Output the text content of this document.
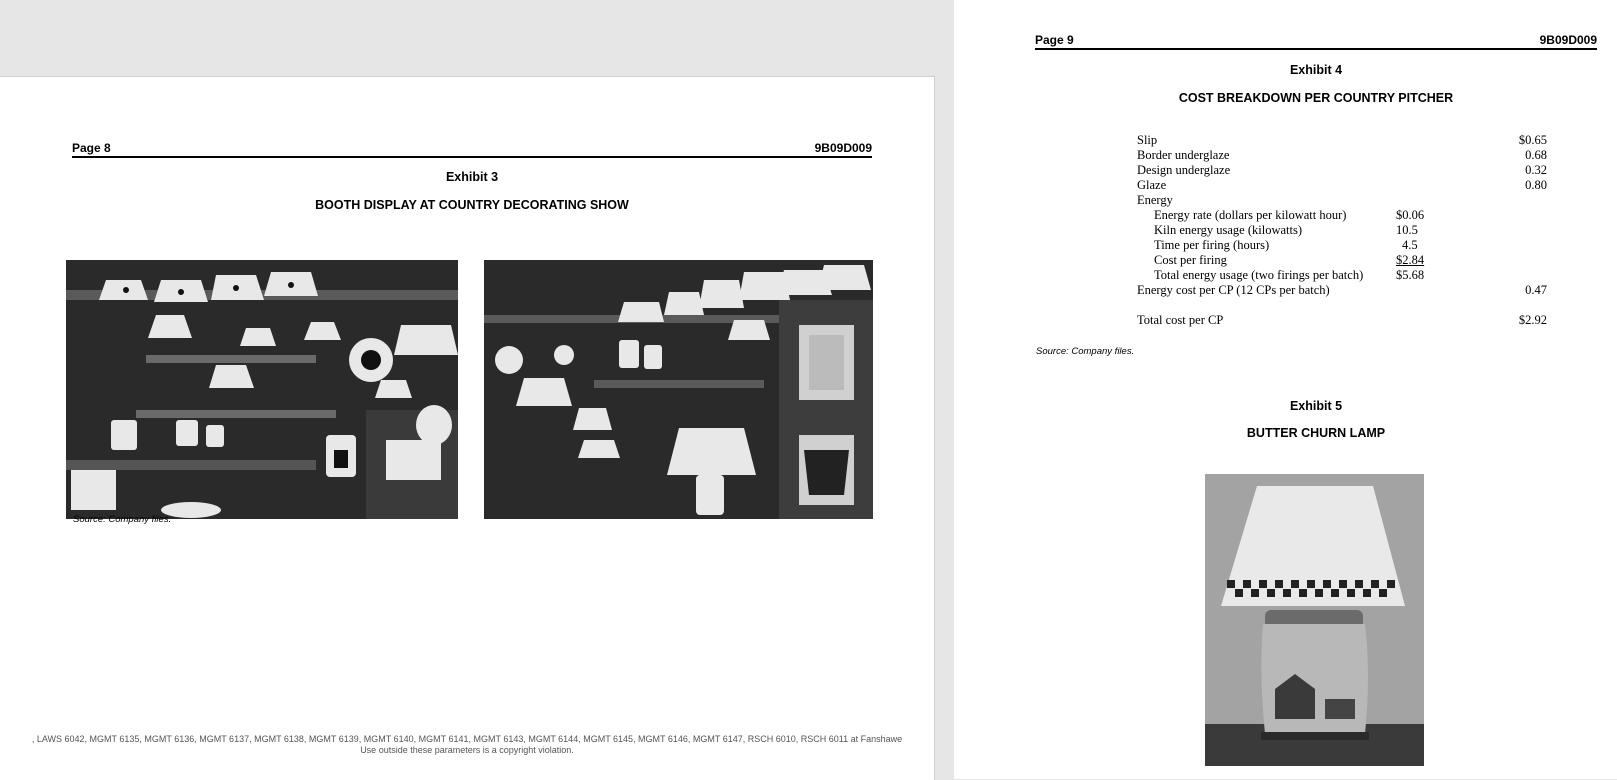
Page 8	9B09D009
Exhibit 3
BOOTH DISPLAY AT COUNTRY DECORATING SHOW
Source: Company files.
, LAWS 6042, MGMT 6135, MGMT 6136, MGMT 6137, MGMT 6138, MGMT 6139, MGMT 6140, MGMT 6141, MGMT 6143, MGMT 6144, MGMT 6145, MGMT 6146, MGMT 6147, RSCH 6010, RSCH 6011 at Fanshawe
Use outside these parameters is a copyright violation.
Page 9	9B09D009
Exhibit 4
COST BREAKDOWN PER COUNTRY PITCHER
Slip		$0.65
Border underglaze		0.68
Design underglaze		0.32
Glaze		0.80
Energy		
Energy rate (dollars per kilowatt hour)	$0.06	
Kiln energy usage (kilowatts)	10.5	
Time per firing (hours)	4.5	
Cost per firing	$2.84	
Total energy usage (two firings per batch)	$5.68	
Energy cost per CP (12 CPs per batch)		0.47

Total cost per CP		$2.92
Source: Company files.
Exhibit 5
BUTTER CHURN LAMP
